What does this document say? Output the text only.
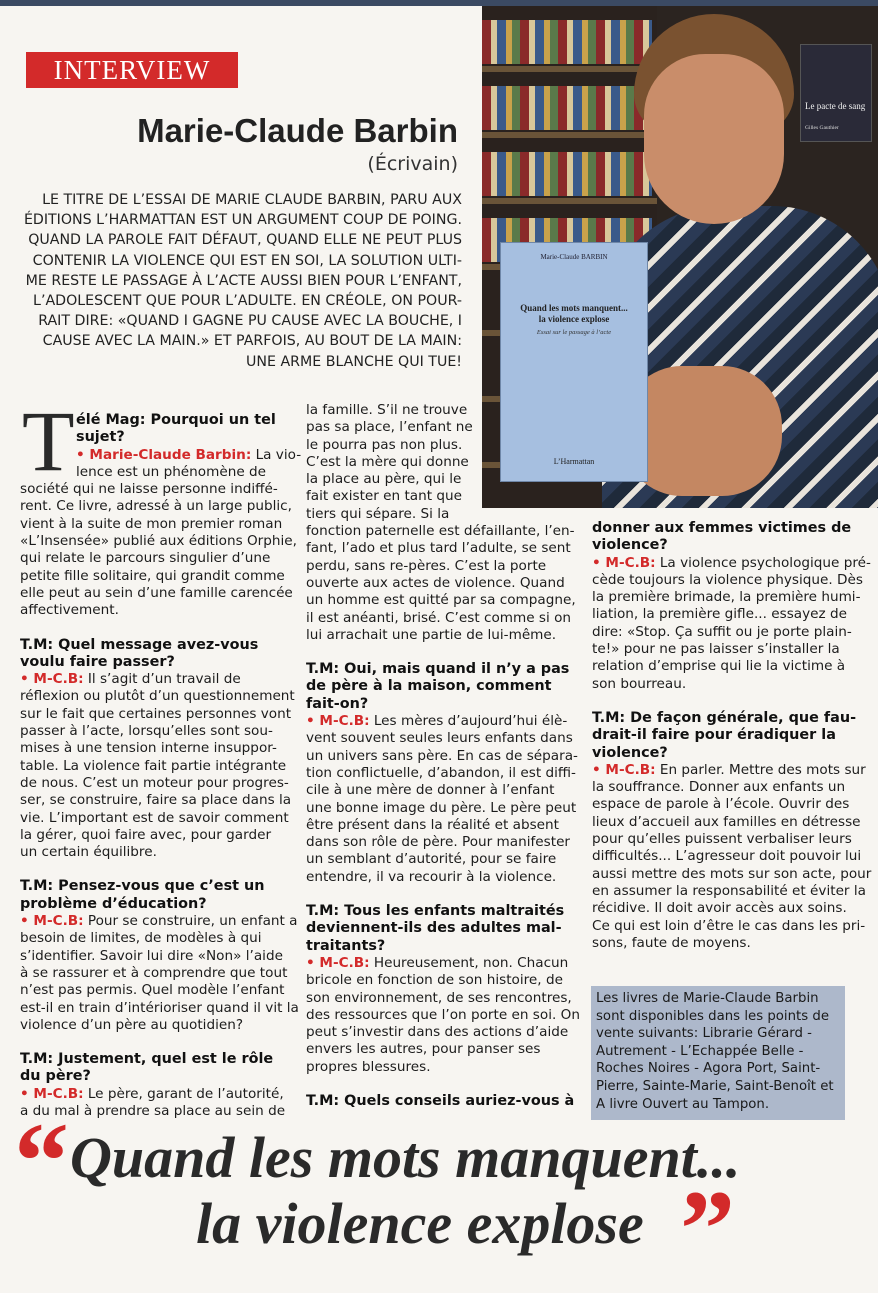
INTERVIEW
Marie-Claude Barbin
(Écrivain)
LE TITRE DE L’ESSAI DE MARIE CLAUDE BARBIN, PARU AUX
ÉDITIONS L’HARMATTAN EST UN ARGUMENT COUP DE POING.
QUAND LA PAROLE FAIT DÉFAUT, QUAND ELLE NE PEUT PLUS
CONTENIR LA VIOLENCE QUI EST EN SOI, LA SOLUTION ULTI-
ME RESTE LE PASSAGE À L’ACTE AUSSI BIEN POUR L’ENFANT,
L’ADOLESCENT QUE POUR L’ADULTE. EN CRÉOLE, ON POUR-
RAIT DIRE: «QUAND I GAGNE PU CAUSE AVEC LA BOUCHE, I
CAUSE AVEC LA MAIN.» ET PARFOIS, AU BOUT DE LA MAIN:
UNE ARME BLANCHE QUI TUE!
Le pacte de sang
Gilles Gauthier
Marie-Claude BARBIN
Quand les mots manquent...
la violence explose
Essai sur le passage à l’acte
L’Harmattan
T élé Mag: Pourquoi un tel
sujet?
• Marie-Claude Barbin: La vio-
lence est un phénomène de
société qui ne laisse personne indiffé-
rent. Ce livre, adressé à un large public,
vient à la suite de mon premier roman
«L’Insensée» publié aux éditions Orphie,
qui relate le parcours singulier d’une
petite fille solitaire, qui grandit comme
elle peut au sein d’une famille carencée
affectivement.
T.M: Quel message avez-vous
voulu faire passer?
• M-C.B: Il s’agit d’un travail de
réflexion ou plutôt d’un questionnement
sur le fait que certaines personnes vont
passer à l’acte, lorsqu’elles sont sou-
mises à une tension interne insuppor-
table. La violence fait partie intégrante
de nous. C’est un moteur pour progres-
ser, se construire, faire sa place dans la
vie. L’important est de savoir comment
la gérer, quoi faire avec, pour garder
un certain équilibre.
T.M: Pensez-vous que c’est un
problème d’éducation?
• M-C.B: Pour se construire, un enfant a
besoin de limites, de modèles à qui
s’identifier. Savoir lui dire «Non» l’aide
à se rassurer et à comprendre que tout
n’est pas permis. Quel modèle l’enfant
est-il en train d’intérioriser quand il vit la
violence d’un père au quotidien?
T.M: Justement, quel est le rôle
du père?
• M-C.B: Le père, garant de l’autorité,
a du mal à prendre sa place au sein de
la famille. S’il ne trouve
pas sa place, l’enfant ne
le pourra pas non plus.
C’est la mère qui donne
la place au père, qui le
fait exister en tant que
tiers qui sépare. Si la
fonction paternelle est défaillante, l’en-
fant, l’ado et plus tard l’adulte, se sent
perdu, sans re-pères. C’est la porte
ouverte aux actes de violence. Quand
un homme est quitté par sa compagne,
il est anéanti, brisé. C’est comme si on
lui arrachait une partie de lui-même.
T.M: Oui, mais quand il n’y a pas
de père à la maison, comment
fait-on?
• M-C.B: Les mères d’aujourd’hui élè-
vent souvent seules leurs enfants dans
un univers sans père. En cas de sépara-
tion conflictuelle, d’abandon, il est diffi-
cile à une mère de donner à l’enfant
une bonne image du père. Le père peut
être présent dans la réalité et absent
dans son rôle de père. Pour manifester
un semblant d’autorité, pour se faire
entendre, il va recourir à la violence.
T.M: Tous les enfants maltraités
deviennent-ils des adultes mal-
traitants?
• M-C.B: Heureusement, non. Chacun
bricole en fonction de son histoire, de
son environnement, de ses rencontres,
des ressources que l’on porte en soi. On
peut s’investir dans des actions d’aide
envers les autres, pour panser ses
propres blessures.
T.M: Quels conseils auriez-vous à
donner aux femmes victimes de
violence?
• M-C.B: La violence psychologique pré-
cède toujours la violence physique. Dès
la première brimade, la première humi-
liation, la première gifle... essayez de
dire: «Stop. Ça suffit ou je porte plain-
te!» pour ne pas laisser s’installer la
relation d’emprise qui lie la victime à
son bourreau.
T.M: De façon générale, que fau-
drait-il faire pour éradiquer la
violence?
• M-C.B: En parler. Mettre des mots sur
la souffrance. Donner aux enfants un
espace de parole à l’école. Ouvrir des
lieux d’accueil aux familles en détresse
pour qu’elles puissent verbaliser leurs
difficultés... L’agresseur doit pouvoir lui
aussi mettre des mots sur son acte, pour
en assumer la responsabilité et éviter la
récidive. Il doit avoir accès aux soins.
Ce qui est loin d’être le cas dans les pri-
sons, faute de moyens.
Les livres de Marie-Claude Barbin
sont disponibles dans les points de
vente suivants: Librarie Gérard -
Autrement - L’Echappée Belle -
Roches Noires - Agora Port, Saint-
Pierre, Sainte-Marie, Saint-Benoît et
A livre Ouvert au Tampon.
“ Quand les mots manquent...
la violence explose ”
